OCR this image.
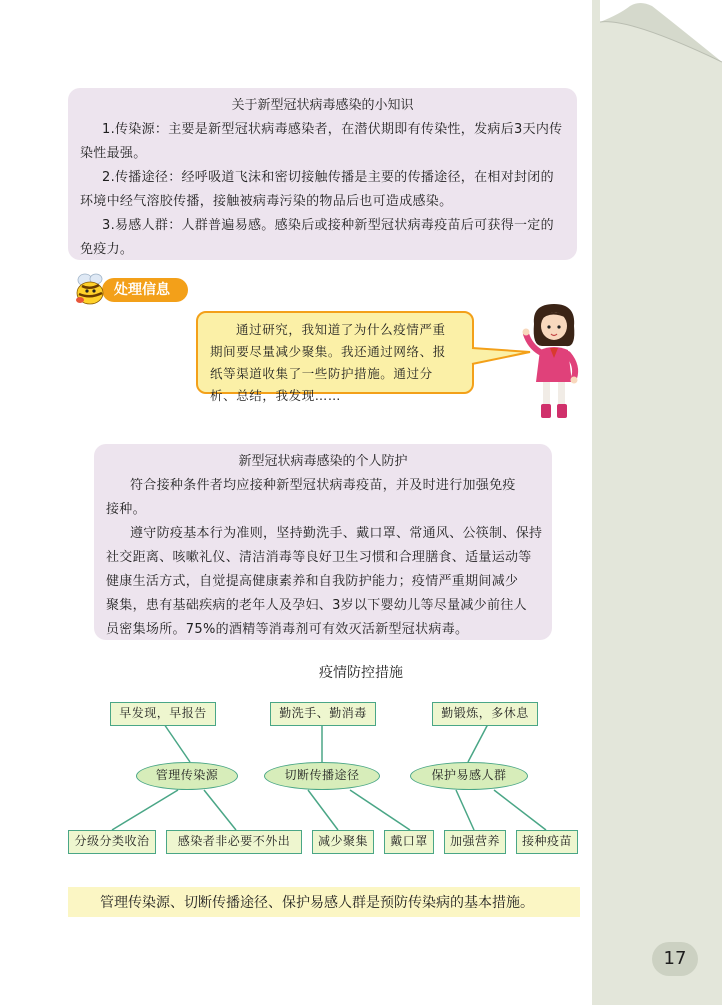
关于新型冠状病毒感染的小知识
1.传染源：主要是新型冠状病毒感染者，在潜伏期即有传染性，发病后3天内传
染性最强。
2.传播途径：经呼吸道飞沫和密切接触传播是主要的传播途径，在相对封闭的
环境中经气溶胶传播，接触被病毒污染的物品后也可造成感染。
3.易感人群：人群普遍易感。感染后或接种新型冠状病毒疫苗后可获得一定的
免疫力。
处理信息
通过研究，我知道了为什么疫情严重
期间要尽量减少聚集。我还通过网络、报
纸等渠道收集了一些防护措施。通过分
析、总结，我发现……
新型冠状病毒感染的个人防护
符合接种条件者均应接种新型冠状病毒疫苗，并及时进行加强免疫
接种。
遵守防疫基本行为准则，坚持勤洗手、戴口罩、常通风、公筷制、保持
社交距离、咳嗽礼仪、清洁消毒等良好卫生习惯和合理膳食、适量运动等
健康生活方式，自觉提高健康素养和自我防护能力；疫情严重期间减少
聚集，患有基础疾病的老年人及孕妇、3岁以下婴幼儿等尽量减少前往人
员密集场所。75%的酒精等消毒剂可有效灭活新型冠状病毒。
疫情防控措施
早发现，早报告	勤洗手、勤消毒	勤锻炼，多休息
管理传染源	切断传播途径	保护易感人群
分级分类收治	感染者非必要不外出	减少聚集	戴口罩	加强营养	接种疫苗
管理传染源、切断传播途径、保护易感人群是预防传染病的基本措施。
17
